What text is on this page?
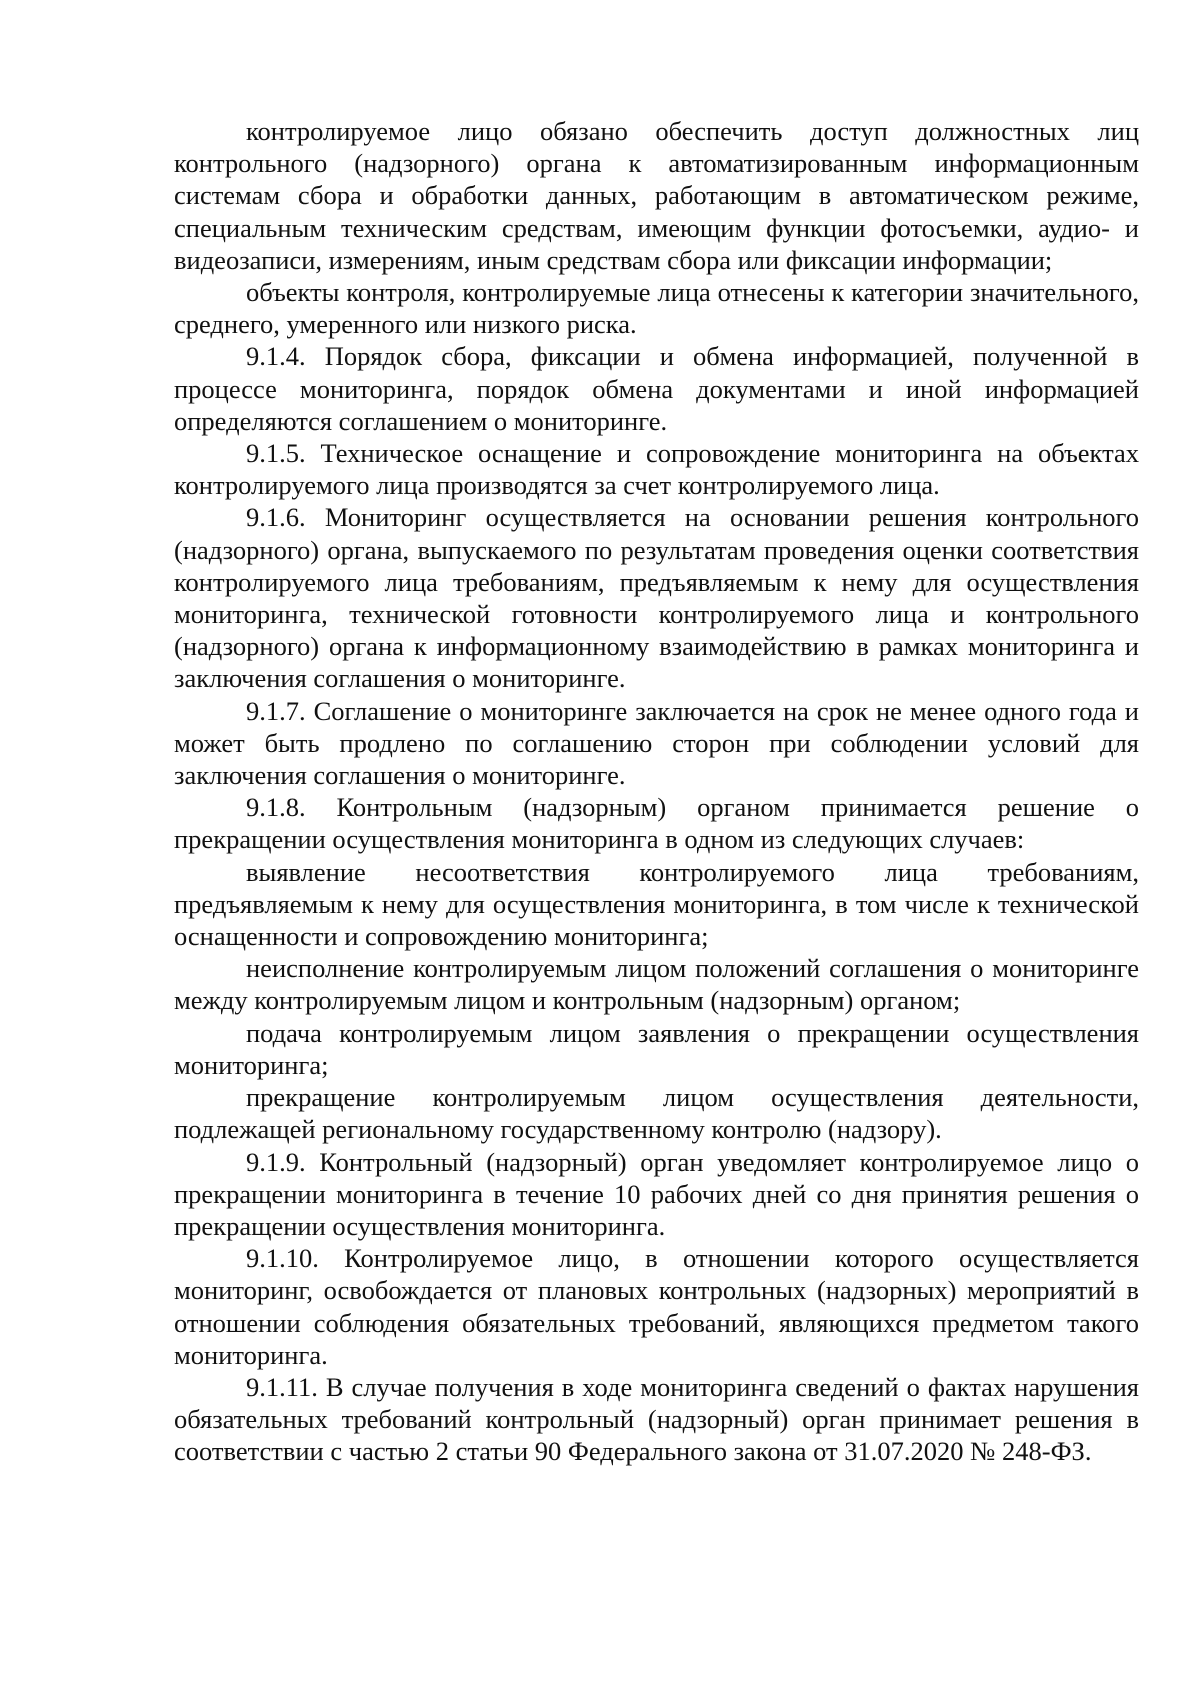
контролируемое лицо обязано обеспечить доступ должностных лиц контрольного (надзорного) органа к автоматизированным информационным системам сбора и обработки данных, работающим в автоматическом режиме, специальным техническим средствам, имеющим функции фотосъемки, аудио- и видеозаписи, измерениям, иным средствам сбора или фиксации информации;

объекты контроля, контролируемые лица отнесены к категории значительного, среднего, умеренного или низкого риска.

9.1.4. Порядок сбора, фиксации и обмена информацией, полученной в процессе мониторинга, порядок обмена документами и иной информацией определяются соглашением о мониторинге.

9.1.5. Техническое оснащение и сопровождение мониторинга на объектах контролируемого лица производятся за счет контролируемого лица.

9.1.6. Мониторинг осуществляется на основании решения контрольного (надзорного) органа, выпускаемого по результатам проведения оценки соответствия контролируемого лица требованиям, предъявляемым к нему для осуществления мониторинга, технической готовности контролируемого лица и контрольного (надзорного) органа к информационному взаимодействию в рамках мониторинга и заключения соглашения о мониторинге.

9.1.7. Соглашение о мониторинге заключается на срок не менее одного года и может быть продлено по соглашению сторон при соблюдении условий для заключения соглашения о мониторинге.

9.1.8. Контрольным (надзорным) органом принимается решение о прекращении осуществления мониторинга в одном из следующих случаев:

выявление несоответствия контролируемого лица требованиям, предъявляемым к нему для осуществления мониторинга, в том числе к технической оснащенности и сопровождению мониторинга;

неисполнение контролируемым лицом положений соглашения о мониторинге между контролируемым лицом и контрольным (надзорным) органом;

подача контролируемым лицом заявления о прекращении осуществления мониторинга;

прекращение контролируемым лицом осуществления деятельности, подлежащей региональному государственному контролю (надзору).

9.1.9. Контрольный (надзорный) орган уведомляет контролируемое лицо о прекращении мониторинга в течение 10 рабочих дней со дня принятия решения о прекращении осуществления мониторинга.

9.1.10. Контролируемое лицо, в отношении которого осуществляется мониторинг, освобождается от плановых контрольных (надзорных) мероприятий в отношении соблюдения обязательных требований, являющихся предметом такого мониторинга.

9.1.11. В случае получения в ходе мониторинга сведений о фактах нарушения обязательных требований контрольный (надзорный) орган принимает решения в соответствии с частью 2 статьи 90 Федерального закона от 31.07.2020 № 248-ФЗ.
